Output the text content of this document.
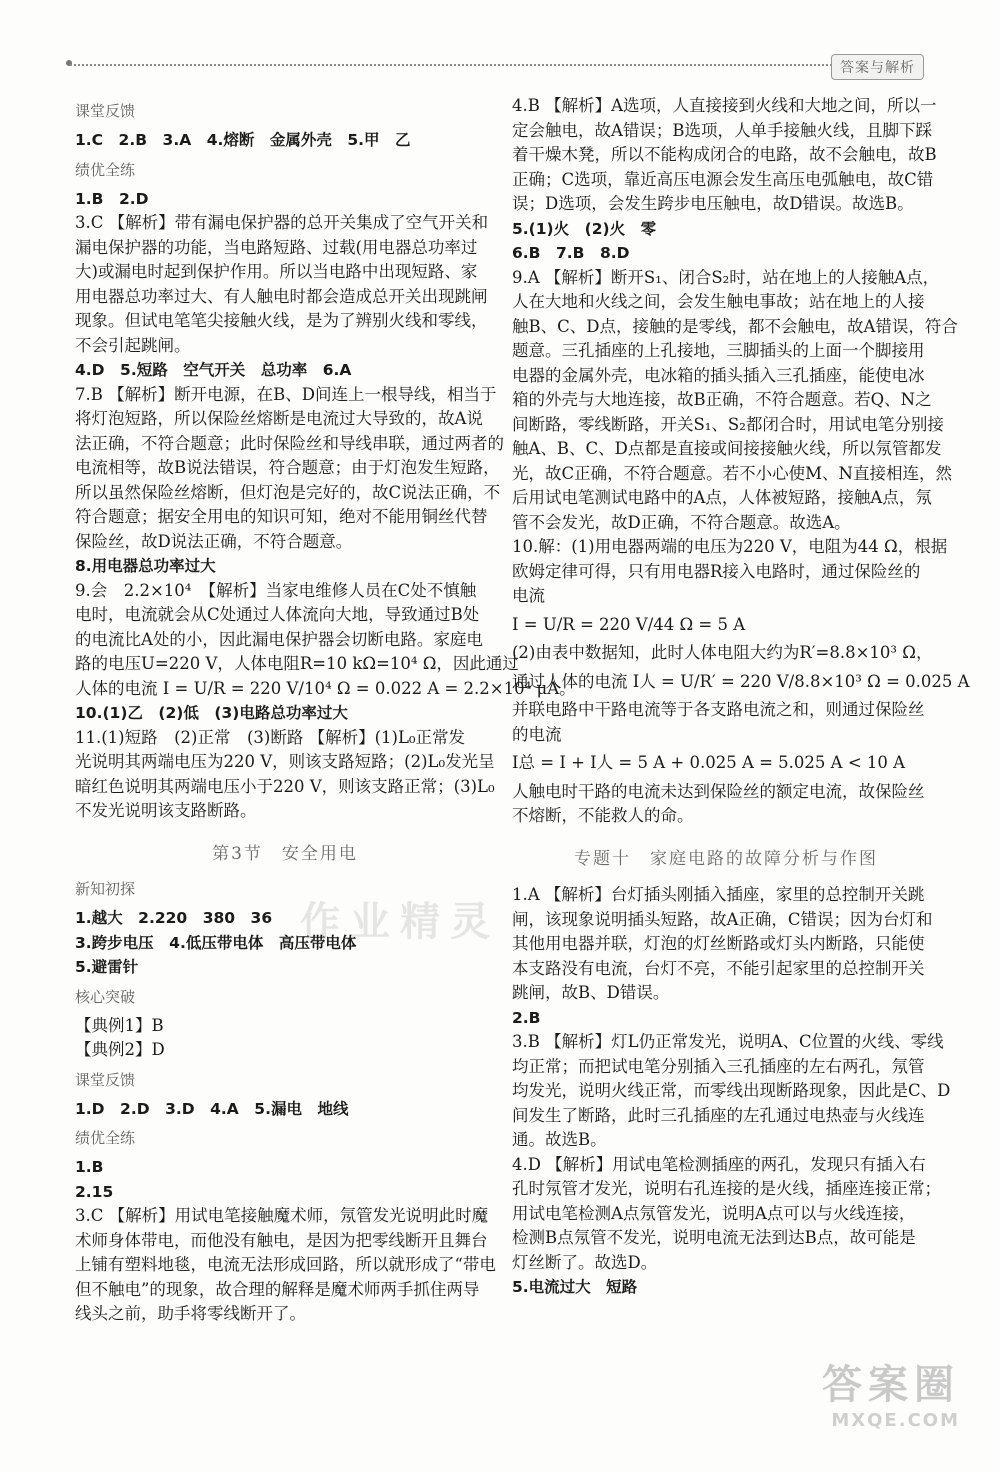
答案与解析
课堂反馈
1.C　2.B　3.A　4.熔断　金属外壳　5.甲　乙
绩优全练
1.B　2.D
3.C 【解析】带有漏电保护器的总开关集成了空气开关和
漏电保护器的功能，当电路短路、过载(用电器总功率过
大)或漏电时起到保护作用。所以当电路中出现短路、家
用电器总功率过大、有人触电时都会造成总开关出现跳闸
现象。但试电笔笔尖接触火线，是为了辨别火线和零线，
不会引起跳闸。
4.D　5.短路　空气开关　总功率　6.A
7.B 【解析】断开电源，在B、D间连上一根导线，相当于
将灯泡短路，所以保险丝熔断是电流过大导致的，故A说
法正确，不符合题意；此时保险丝和导线串联，通过两者的
电流相等，故B说法错误，符合题意；由于灯泡发生短路，
所以虽然保险丝熔断，但灯泡是完好的，故C说法正确，不
符合题意；据安全用电的知识可知，绝对不能用铜丝代替
保险丝，故D说法正确，不符合题意。
8.用电器总功率过大
9.会　2.2×10⁴　【解析】当家电维修人员在C处不慎触
电时，电流就会从C处通过人体流向大地，导致通过B处
的电流比A处的小，因此漏电保护器会切断电路。家庭电
路的电压U=220 V，人体电阻R=10 kΩ=10⁴ Ω，因此通过
人体的电流 I = U/R = 220 V/10⁴ Ω = 0.022 A = 2.2×10⁴ μA。
10.(1)乙　(2)低　(3)电路总功率过大
11.(1)短路　(2)正常　(3)断路 【解析】(1)L₀正常发
光说明其两端电压为220 V，则该支路短路；(2)L₀发光呈
暗红色说明其两端电压小于220 V，则该支路正常；(3)L₀
不发光说明该支路断路。
第3节　安全用电
新知初探
1.越大　2.220　380　36
3.跨步电压　4.低压带电体　高压带电体
5.避雷针
核心突破
【典例1】B
【典例2】D
课堂反馈
1.D　2.D　3.D　4.A　5.漏电　地线
绩优全练
1.B
2.15
3.C 【解析】用试电笔接触魔术师，氖管发光说明此时魔
术师身体带电，而他没有触电，是因为把零线断开且舞台
上铺有塑料地毯，电流无法形成回路，所以就形成了“带电
但不触电”的现象，故合理的解释是魔术师两手抓住两导
线头之前，助手将零线断开了。
4.B 【解析】A选项，人直接接到火线和大地之间，所以一
定会触电，故A错误；B选项，人单手接触火线，且脚下踩
着干燥木凳，所以不能构成闭合的电路，故不会触电，故B
正确；C选项，靠近高压电源会发生高压电弧触电，故C错
误；D选项，会发生跨步电压触电，故D错误。故选B。
5.(1)火　(2)火　零
6.B　7.B　8.D
9.A 【解析】断开S₁、闭合S₂时，站在地上的人接触A点，
人在大地和火线之间，会发生触电事故；站在地上的人接
触B、C、D点，接触的是零线，都不会触电，故A错误，符合
题意。三孔插座的上孔接地，三脚插头的上面一个脚接用
电器的金属外壳，电冰箱的插头插入三孔插座，能使电冰
箱的外壳与大地连接，故B正确，不符合题意。若Q、N之
间断路，零线断路，开关S₁、S₂都闭合时，用试电笔分别接
触A、B、C、D点都是直接或间接接触火线，所以氖管都发
光，故C正确，不符合题意。若不小心使M、N直接相连，然
后用试电笔测试电路中的A点，人体被短路，接触A点，氖
管不会发光，故D正确，不符合题意。故选A。
10.解：(1)用电器两端的电压为220 V，电阻为44 Ω，根据
欧姆定律可得，只有用电器R接入电路时，通过保险丝的
电流
I = U/R = 220 V/44 Ω = 5 A
(2)由表中数据知，此时人体电阻大约为R′=8.8×10³ Ω，
通过人体的电流 I人 = U/R′ = 220 V/8.8×10³ Ω = 0.025 A
并联电路中干路电流等于各支路电流之和，则通过保险丝
的电流
I总 = I + I人 = 5 A + 0.025 A = 5.025 A < 10 A
人触电时干路的电流未达到保险丝的额定电流，故保险丝
不熔断，不能救人的命。
专题十　家庭电路的故障分析与作图
1.A 【解析】台灯插头刚插入插座，家里的总控制开关跳
闸，该现象说明插头短路，故A正确，C错误；因为台灯和
其他用电器并联，灯泡的灯丝断路或灯头内断路，只能使
本支路没有电流，台灯不亮，不能引起家里的总控制开关
跳闸，故B、D错误。
2.B
3.B 【解析】灯L仍正常发光，说明A、C位置的火线、零线
均正常；而把试电笔分别插入三孔插座的左右两孔，氖管
均发光，说明火线正常，而零线出现断路现象，因此是C、D
间发生了断路，此时三孔插座的左孔通过电热壶与火线连
通。故选B。
4.D 【解析】用试电笔检测插座的两孔，发现只有插入右
孔时氖管才发光，说明右孔连接的是火线，插座连接正常；
用试电笔检测A点氖管发光，说明A点可以与火线连接，
检测B点氖管不发光，说明电流无法到达B点，故可能是
灯丝断了。故选D。
5.电流过大　短路
作业精灵
答案圈
MXQE.COM
